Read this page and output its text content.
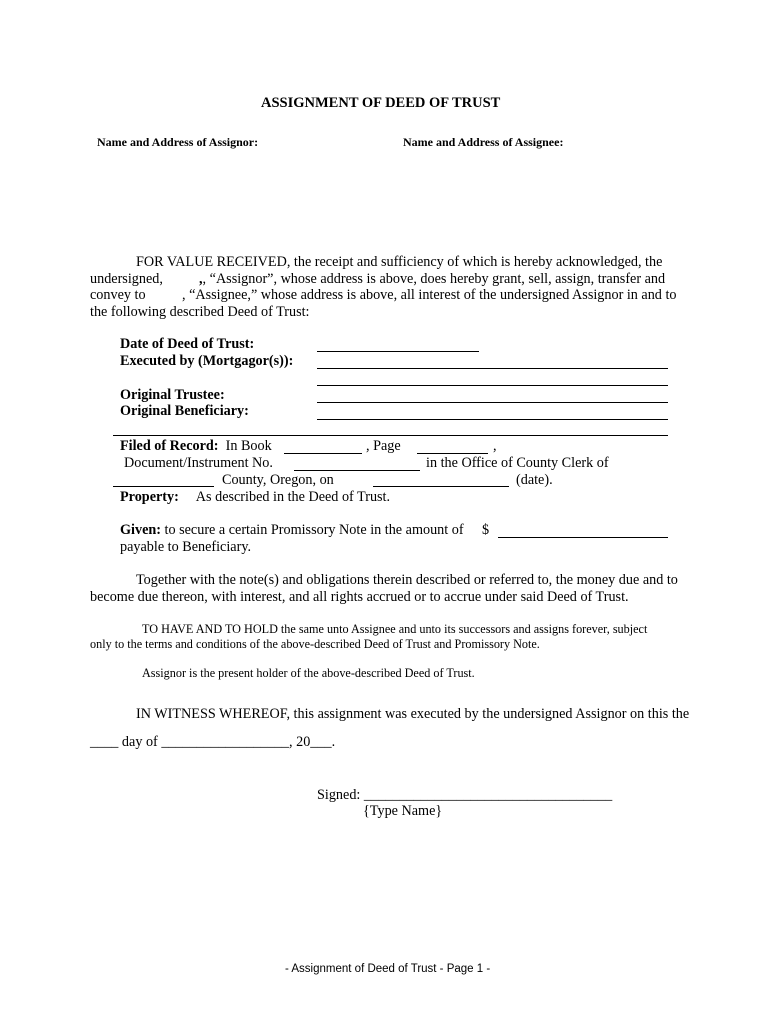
ASSIGNMENT OF DEED OF TRUST
Name and Address of Assignor:	Name and Address of Assignee:
FOR VALUE RECEIVED, the receipt and sufficiency of which is hereby acknowledged, the
undersigned,	,, “Assignor”, whose address is above, does hereby grant, sell, assign, transfer and
convey to	, “Assignee,” whose address is above, all interest of the undersigned Assignor in and to
the following described Deed of Trust:
Date of Deed of Trust:
Executed by (Mortgagor(s)):
Original Trustee:
Original Beneficiary:
Filed of Record: In Book	, Page	,
Document/Instrument No.	in the Office of County Clerk of
County, Oregon, on	(date).
Property: As described in the Deed of Trust.
Given: to secure a certain Promissory Note in the amount of $
payable to Beneficiary.
Together with the note(s) and obligations therein described or referred to, the money due and to
become due thereon, with interest, and all rights accrued or to accrue under said Deed of Trust.
TO HAVE AND TO HOLD the same unto Assignee and unto its successors and assigns forever, subject
only to the terms and conditions of the above-described Deed of Trust and Promissory Note.
Assignor is the present holder of the above-described Deed of Trust.
IN WITNESS WHEREOF, this assignment was executed by the undersigned Assignor on this the
____ day of __________________, 20___.
Signed: ___________________________________
{Type Name}
- Assignment of Deed of Trust - Page 1 -
